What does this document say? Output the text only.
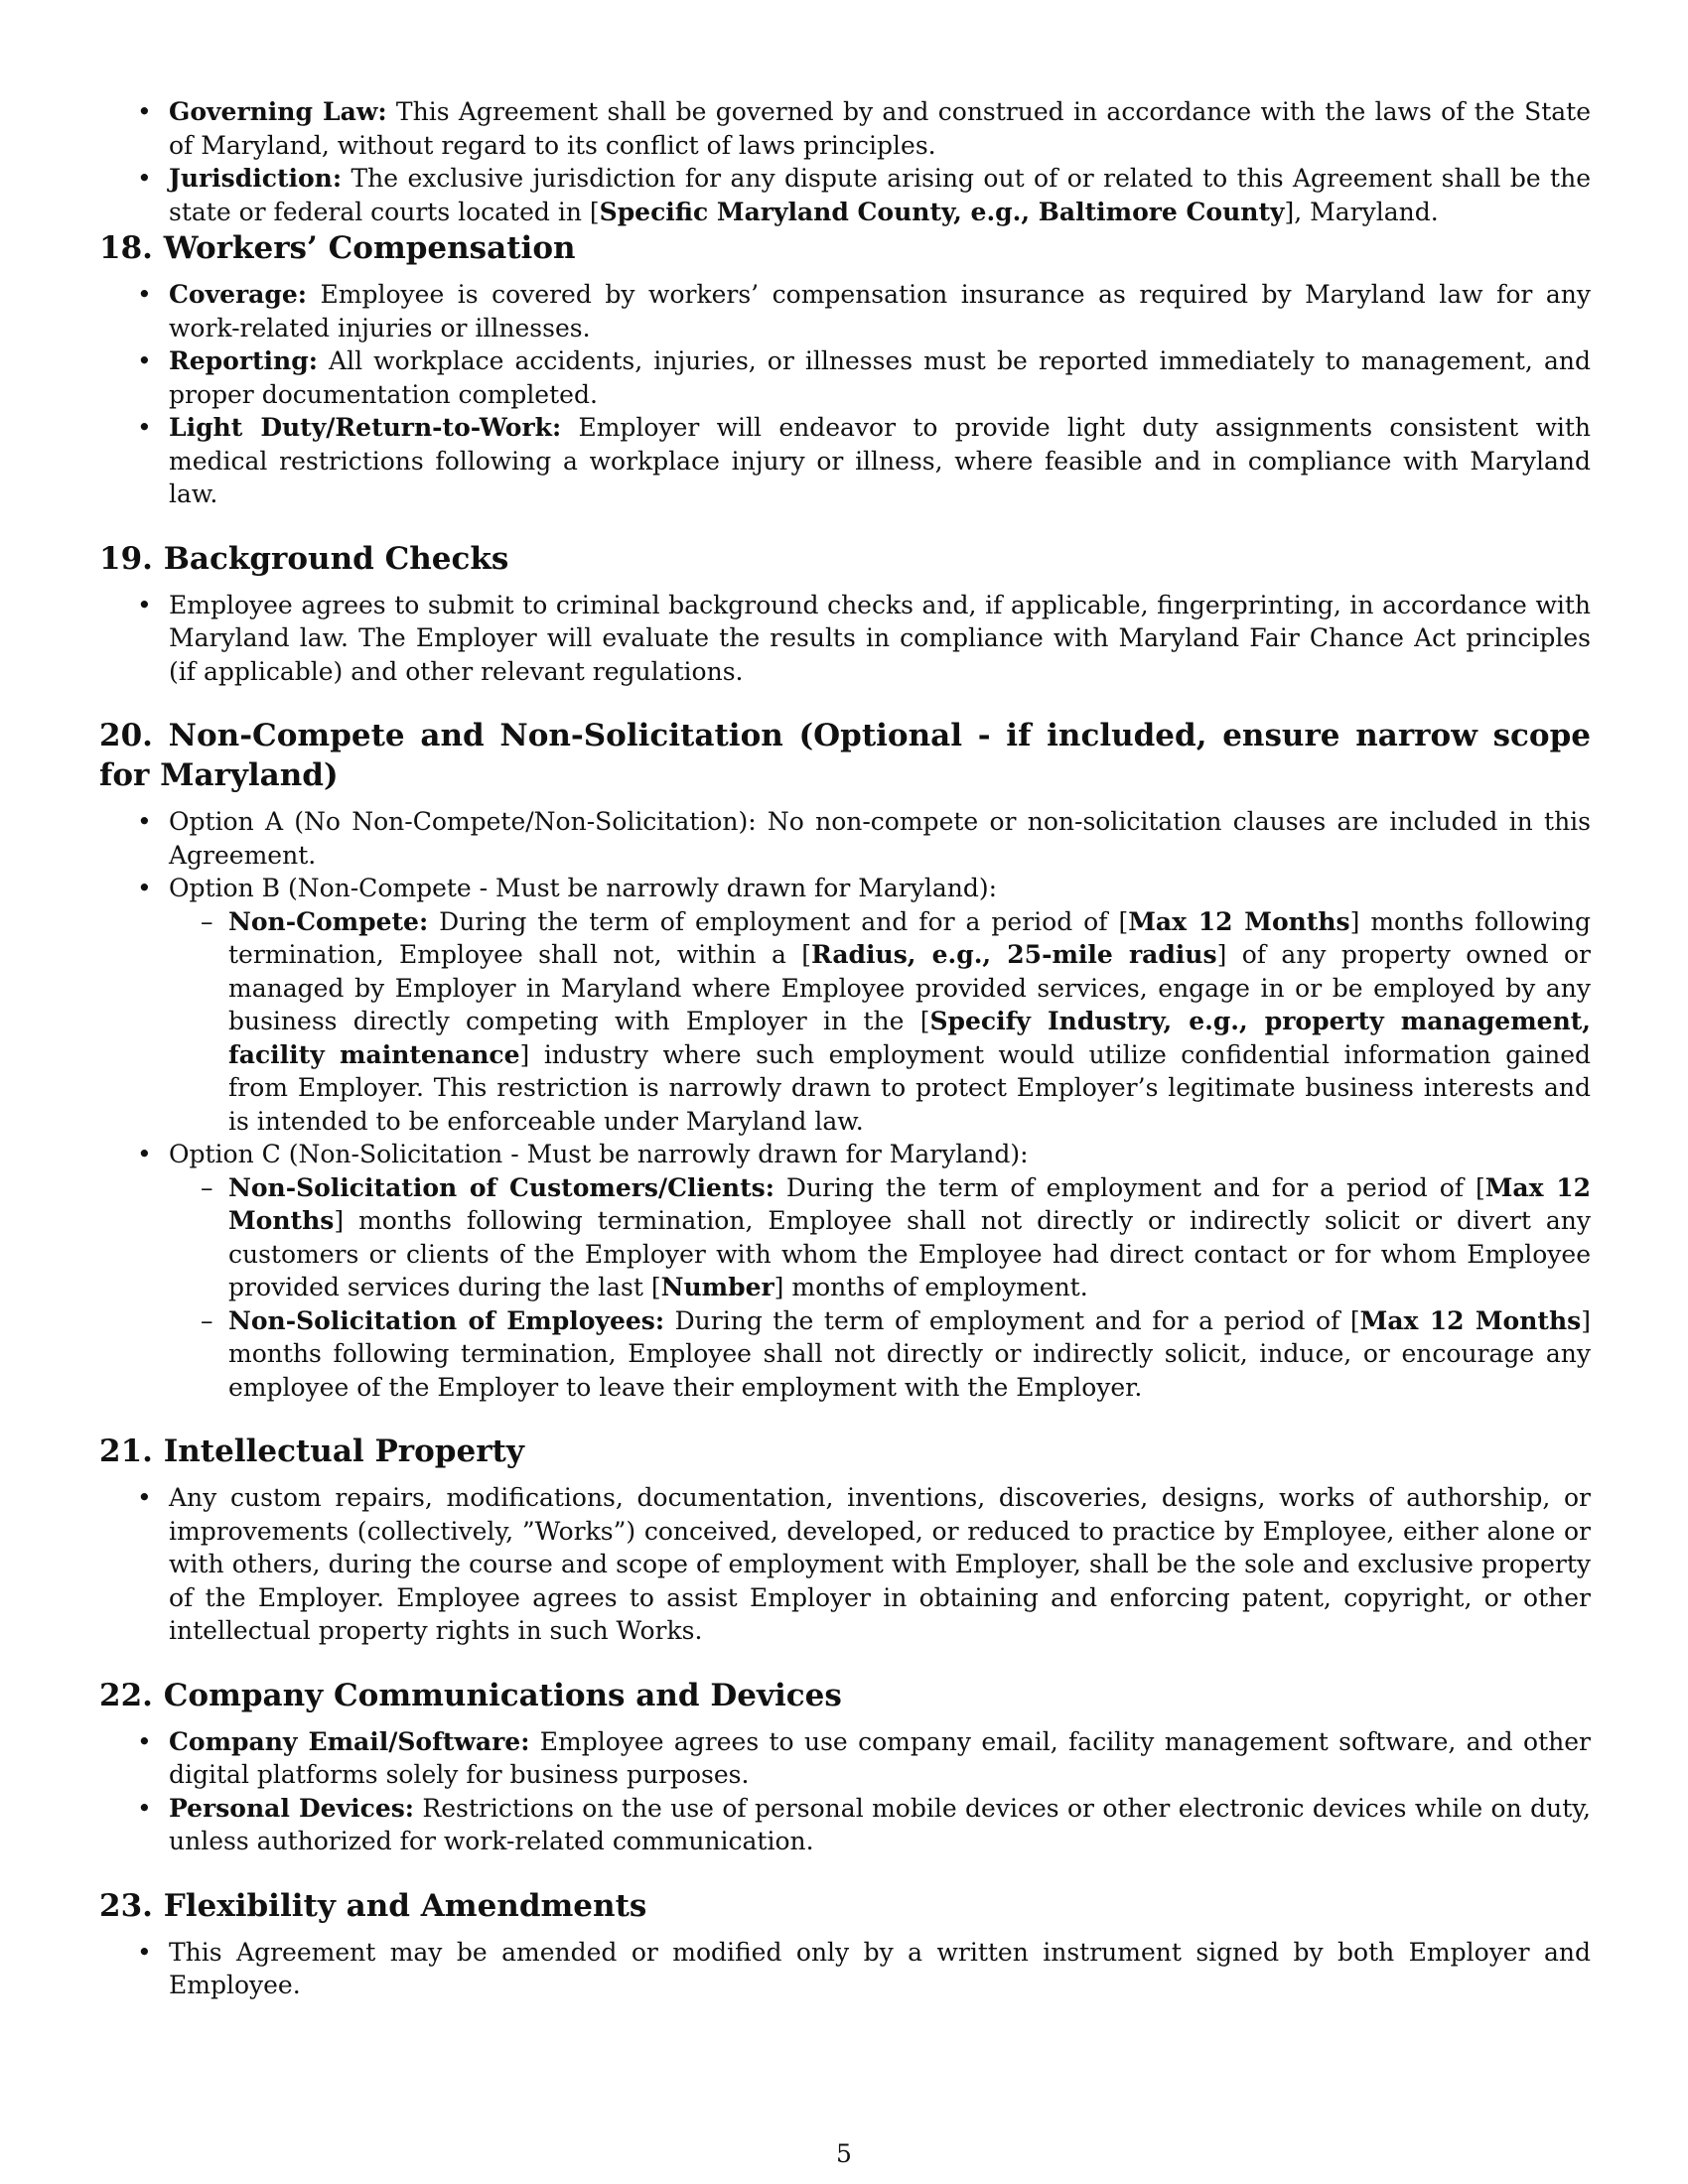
• Governing Law: This Agreement shall be governed by and construed in accordance with the laws of the State of Maryland, without regard to its conflict of laws principles.
• Jurisdiction: The exclusive jurisdiction for any dispute arising out of or related to this Agreement shall be the state or federal courts located in [Specific Maryland County, e.g., Baltimore County], Maryland.
18. Workers’ Compensation
• Coverage: Employee is covered by workers’ compensation insurance as required by Maryland law for any work-related injuries or illnesses.
• Reporting: All workplace accidents, injuries, or illnesses must be reported immediately to management, and proper documentation completed.
• Light Duty/Return-to-Work: Employer will endeavor to provide light duty assignments consistent with medical restrictions following a workplace injury or illness, where feasible and in compliance with Maryland law.
19. Background Checks
• Employee agrees to submit to criminal background checks and, if applicable, fingerprinting, in accordance with Maryland law. The Employer will evaluate the results in compliance with Maryland Fair Chance Act principles (if applicable) and other relevant regulations.
20. Non-Compete and Non-Solicitation (Optional - if included, ensure narrow scope for Maryland)
• Option A (No Non-Compete/Non-Solicitation): No non-compete or non-solicitation clauses are included in this Agreement.
• Option B (Non-Compete - Must be narrowly drawn for Maryland):
– Non-Compete: During the term of employment and for a period of [Max 12 Months] months following termination, Employee shall not, within a [Radius, e.g., 25-mile radius] of any property owned or managed by Employer in Maryland where Employee provided services, engage in or be employed by any business directly competing with Employer in the [Specify Industry, e.g., property management, facility maintenance] industry where such employment would utilize confidential information gained from Employer. This restriction is narrowly drawn to protect Employer’s legitimate business interests and is intended to be enforceable under Maryland law.
• Option C (Non-Solicitation - Must be narrowly drawn for Maryland):
– Non-Solicitation of Customers/Clients: During the term of employment and for a period of [Max 12 Months] months following termination, Employee shall not directly or indirectly solicit or divert any customers or clients of the Employer with whom the Employee had direct contact or for whom Employee provided services during the last [Number] months of employment.
– Non-Solicitation of Employees: During the term of employment and for a period of [Max 12 Months] months following termination, Employee shall not directly or indirectly solicit, induce, or encourage any employee of the Employer to leave their employment with the Employer.
21. Intellectual Property
• Any custom repairs, modifications, documentation, inventions, discoveries, designs, works of authorship, or improvements (collectively, ”Works”) conceived, developed, or reduced to practice by Employee, either alone or with others, during the course and scope of employment with Employer, shall be the sole and exclusive property of the Employer. Employee agrees to assist Employer in obtaining and enforcing patent, copyright, or other intellectual property rights in such Works.
22. Company Communications and Devices
• Company Email/Software: Employee agrees to use company email, facility management software, and other digital platforms solely for business purposes.
• Personal Devices: Restrictions on the use of personal mobile devices or other electronic devices while on duty, unless authorized for work-related communication.
23. Flexibility and Amendments
• This Agreement may be amended or modified only by a written instrument signed by both Employer and Employee.
5
